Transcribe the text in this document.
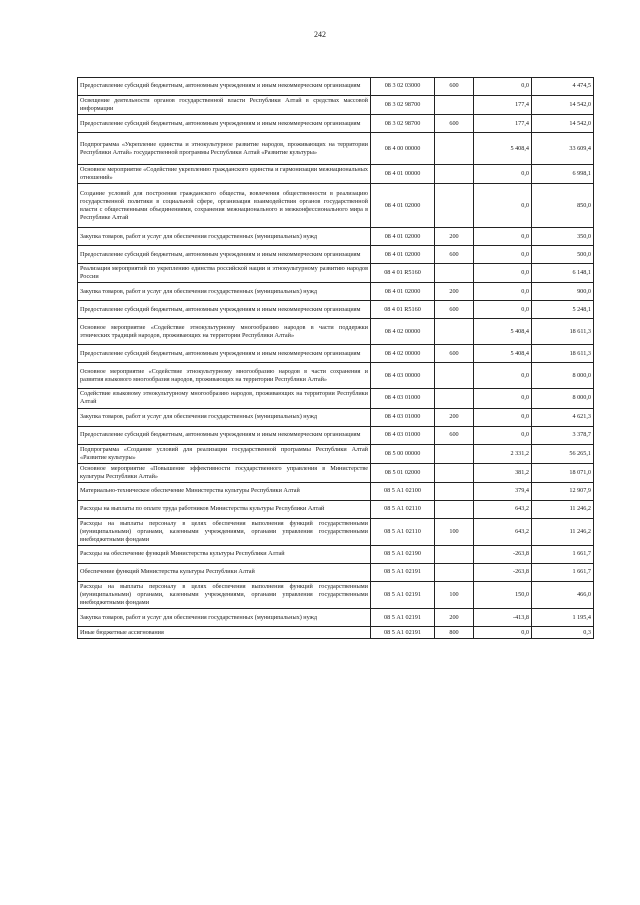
242
Предоставление субсидий бюджетным, автономным учреждениям и иным некоммерческим организациям	08 3 02 03000	600	0,0	4 474,5
Освещение деятельности органов государственной власти Республики Алтай в средствах массовой информации	08 3 02 98700		177,4	14 542,0
Предоставление субсидий бюджетным, автономным учреждениям и иным некоммерческим организациям	08 3 02 98700	600	177,4	14 542,0
Подпрограмма «Укрепление единства и этнокультурное развитие народов, проживающих на территории Республики Алтай» государственной программы Республики Алтай «Развитие культуры»	08 4 00 00000		5 408,4	33 609,4
Основное мероприятие «Содействие укреплению гражданского единства и гармонизации межнациональных отношений»	08 4 01 00000		0,0	6 998,1
Создание условий для построения гражданского общества, вовлечения общественности в реализацию государственной политики в социальной сфере, организация взаимодействия органов государственной власти с общественными объединениями, сохранения межнационального и межконфессионального мира в Республике Алтай	08 4 01 02000		0,0	850,0
Закупка товаров, работ и услуг для обеспечения государственных (муниципальных) нужд	08 4 01 02000	200	0,0	350,0
Предоставление субсидий бюджетным, автономным учреждениям и иным некоммерческим организациям	08 4 01 02000	600	0,0	500,0
Реализация мероприятий по укреплению единства российской нации и этнокультурному развитию народов России	08 4 01 R5160		0,0	6 148,1
Закупка товаров, работ и услуг для обеспечения государственных (муниципальных) нужд	08 4 01 02000	200	0,0	900,0
Предоставление субсидий бюджетным, автономным учреждениям и иным некоммерческим организациям	08 4 01 R5160	600	0,0	5 248,1
Основное мероприятие «Содействие этнокультурному многообразию народов в части поддержки этнических традиций народов, проживающих на территории Республики Алтай»	08 4 02 00000		5 408,4	18 611,3
Предоставление субсидий бюджетным, автономным учреждениям и иным некоммерческим организациям	08 4 02 00000	600	5 408,4	18 611,3
Основное мероприятие «Содействие этнокультурному многообразию народов в части сохранения и развития языкового многообразия народов, проживающих на территории Республики Алтай»	08 4 03 00000		0,0	8 000,0
Содействие языковому этнокультурному многообразию народов, проживающих на территории Республики Алтай	08 4 03 01000		0,0	8 000,0
Закупка товаров, работ и услуг для обеспечения государственных (муниципальных) нужд	08 4 03 01000	200	0,0	4 621,3
Предоставление субсидий бюджетным, автономным учреждениям и иным некоммерческим организациям	08 4 03 01000	600	0,0	3 378,7
Подпрограмма «Создание условий для реализации государственной программы Республики Алтай «Развитие культуры»	08 5 00 00000		2 331,2	56 265,1
Основное мероприятие «Повышение эффективности государственного управления в Министерстве культуры Республики Алтай»	08 5 01 02000		381,2	18 071,0
Материально-техническое обеспечение Министерства культуры Республики Алтай	08 5 А1 02100		379,4	12 907,9
Расходы на выплаты по оплате труда работников Министерства культуры Республики Алтай	08 5 А1 02110		643,2	11 246,2
Расходы на выплаты персоналу в целях обеспечения выполнения функций государственными (муниципальными) органами, казенными учреждениями, органами управления государственными внебюджетными фондами	08 5 А1 02110	100	643,2	11 246,2
Расходы на обеспечение функций Министерства культуры Республики Алтай	08 5 А1 02190		-263,8	1 661,7
Обеспечение функций Министерства культуры Республики Алтай	08 5 А1 02191		-263,8	1 661,7
Расходы на выплаты персоналу в целях обеспечения выполнения функций государственными (муниципальными) органами, казенными учреждениями, органами управления государственными внебюджетными фондами	08 5 А1 02191	100	150,0	466,0
Закупка товаров, работ и услуг для обеспечения государственных (муниципальных) нужд	08 5 А1 02191	200	-413,8	1 195,4
Иные бюджетные ассигнования	08 5 А1 02191	800	0,0	0,3
